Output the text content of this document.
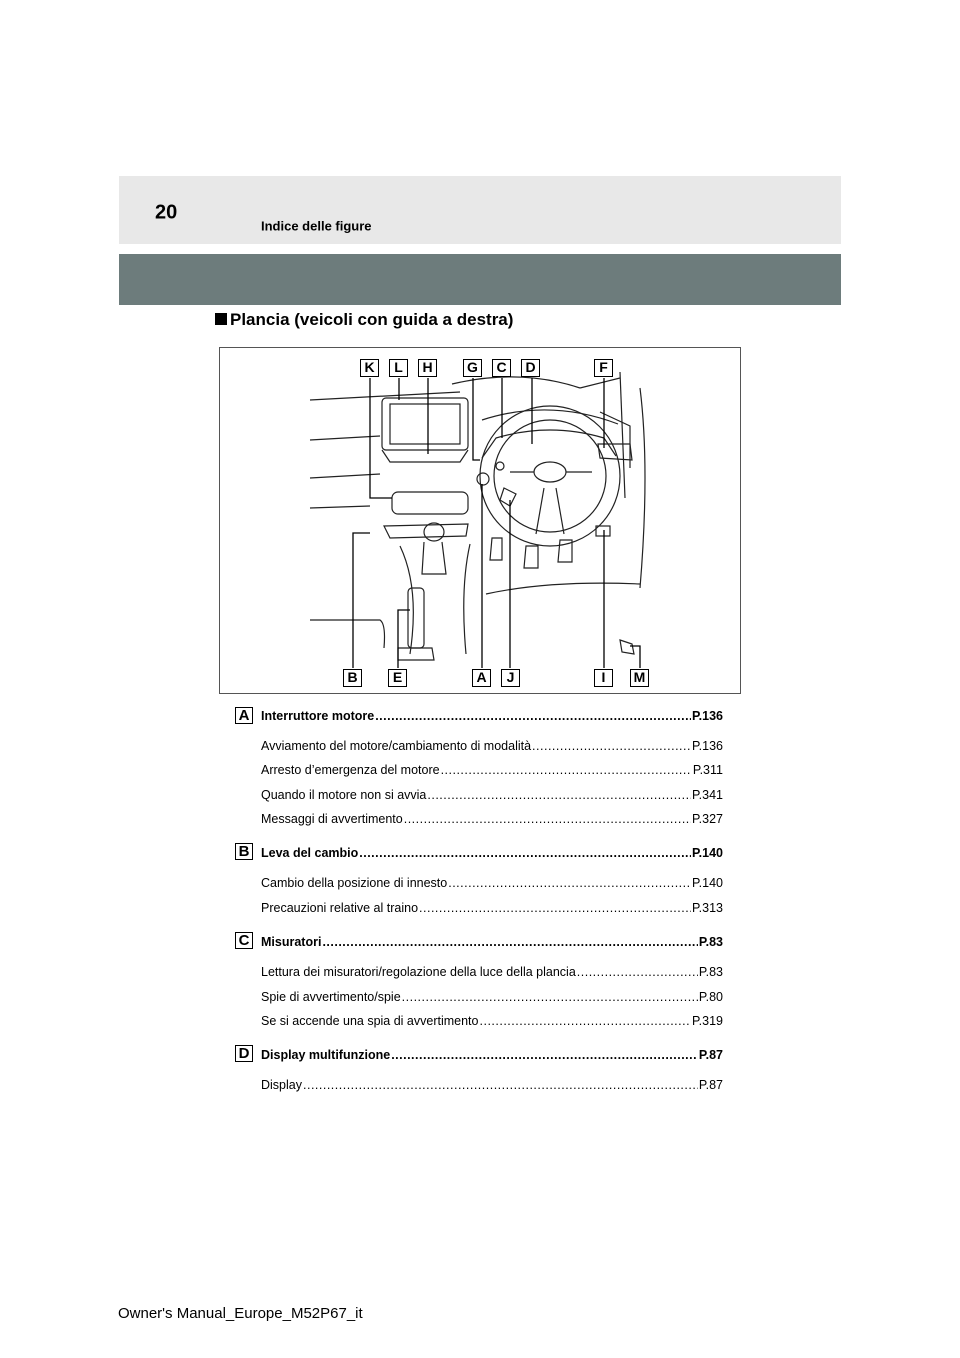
20
Indice delle figure
Plancia (veicoli con guida a destra)
K	L	H	G	C	D	F
B	E	A	J	I	M
A Interruttore motore .....	P.136
Avviamento del motore/cambiamento di modalità .....	P.136
Arresto d’emergenza del motore .....	P.311
Quando il motore non si avvia .....	P.341
Messaggi di avvertimento .....	P.327
B Leva del cambio .....	P.140
Cambio della posizione di innesto .....	P.140
Precauzioni relative al traino .....	P.313
C Misuratori .....	P.83
Lettura dei misuratori/regolazione della luce della plancia .....	P.83
Spie di avvertimento/spie .....	P.80
Se si accende una spia di avvertimento .....	P.319
D Display multifunzione .....	P.87
Display .....	P.87
Owner's Manual_Europe_M52P67_it
